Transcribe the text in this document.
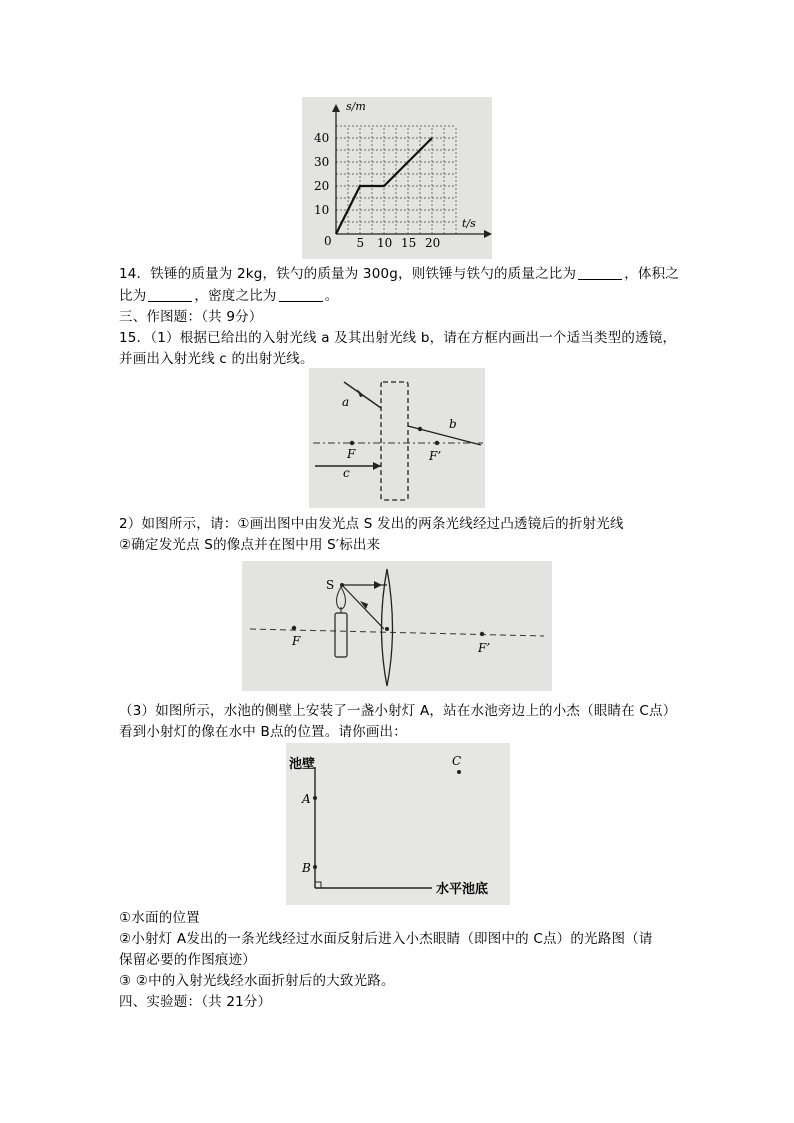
s/m
t/s
0
10
20
30
40
5 10 15 20
14．铁锤的质量为 2kg，铁勺的质量为 300g，则铁锤与铁勺的质量之比为	，体积之
比为	，密度之比为	。
三、作图题：（共 9分）
15．（1）根据已给出的入射光线 a 及其出射光线 b，请在方框内画出一个适当类型的透镜，
并画出入射光线 c 的出射光线。
a
b
c
F	F’
2）如图所示，请：①画出图中由发光点 S 发出的两条光线经过凸透镜后的折射光线
②确定发光点 S的像点并在图中用 S′标出来
S
F	F’
（3）如图所示，水池的侧壁上安装了一盏小射灯 A，站在水池旁边上的小杰（眼睛在 C点）
看到小射灯的像在水中 B点的位置。请你画出：
池壁
A
B
C
水平池底
①水面的位置
②小射灯 A发出的一条光线经过水面反射后进入小杰眼睛（即图中的 C点）的光路图（请
保留必要的作图痕迹）
③ ②中的入射光线经水面折射后的大致光路。
四、实验题：（共 21分）
